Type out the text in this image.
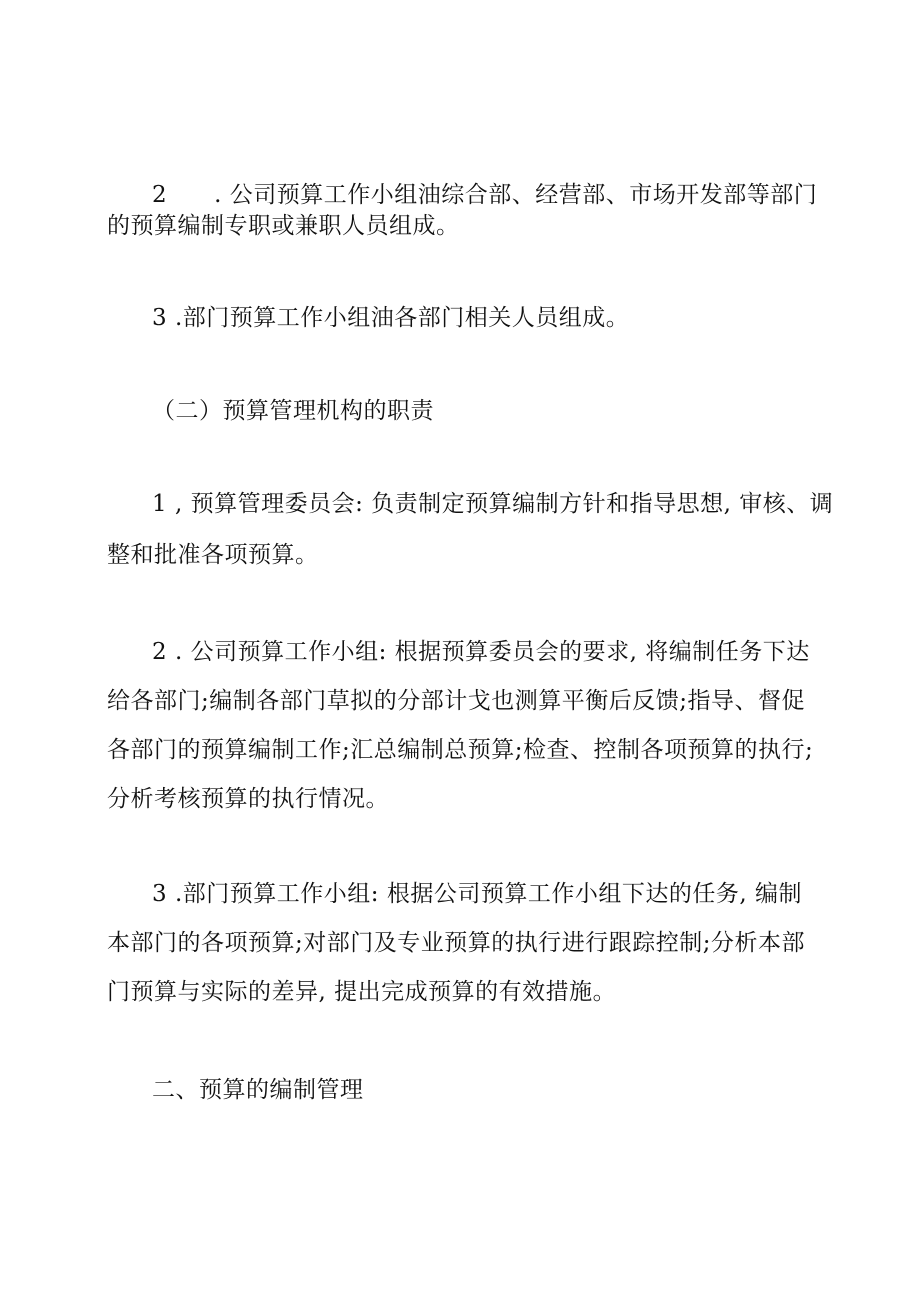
2　　. 公司预算工作小组油综合部、经营部、市场开发部等部门
的预算编制专职或兼职人员组成。
3 .部门预算工作小组油各部门相关人员组成。
（二）预算管理机构的职责
1 , 预算管理委员会: 负责制定预算编制方针和指导思想, 审核、调
整和批准各项预算。
2 . 公司预算工作小组: 根据预算委员会的要求, 将编制任务下达
给各部门;编制各部门草拟的分部计戈也测算平衡后反馈;指导、督促
各部门的预算编制工作;汇总编制总预算;检查、控制各项预算的执行;
分析考核预算的执行情况。
3 .部门预算工作小组: 根据公司预算工作小组下达的任务, 编制
本部门的各项预算;对部门及专业预算的执行进行跟踪控制;分析本部
门预算与实际的差异, 提出完成预算的有效措施。
二、预算的编制管理
